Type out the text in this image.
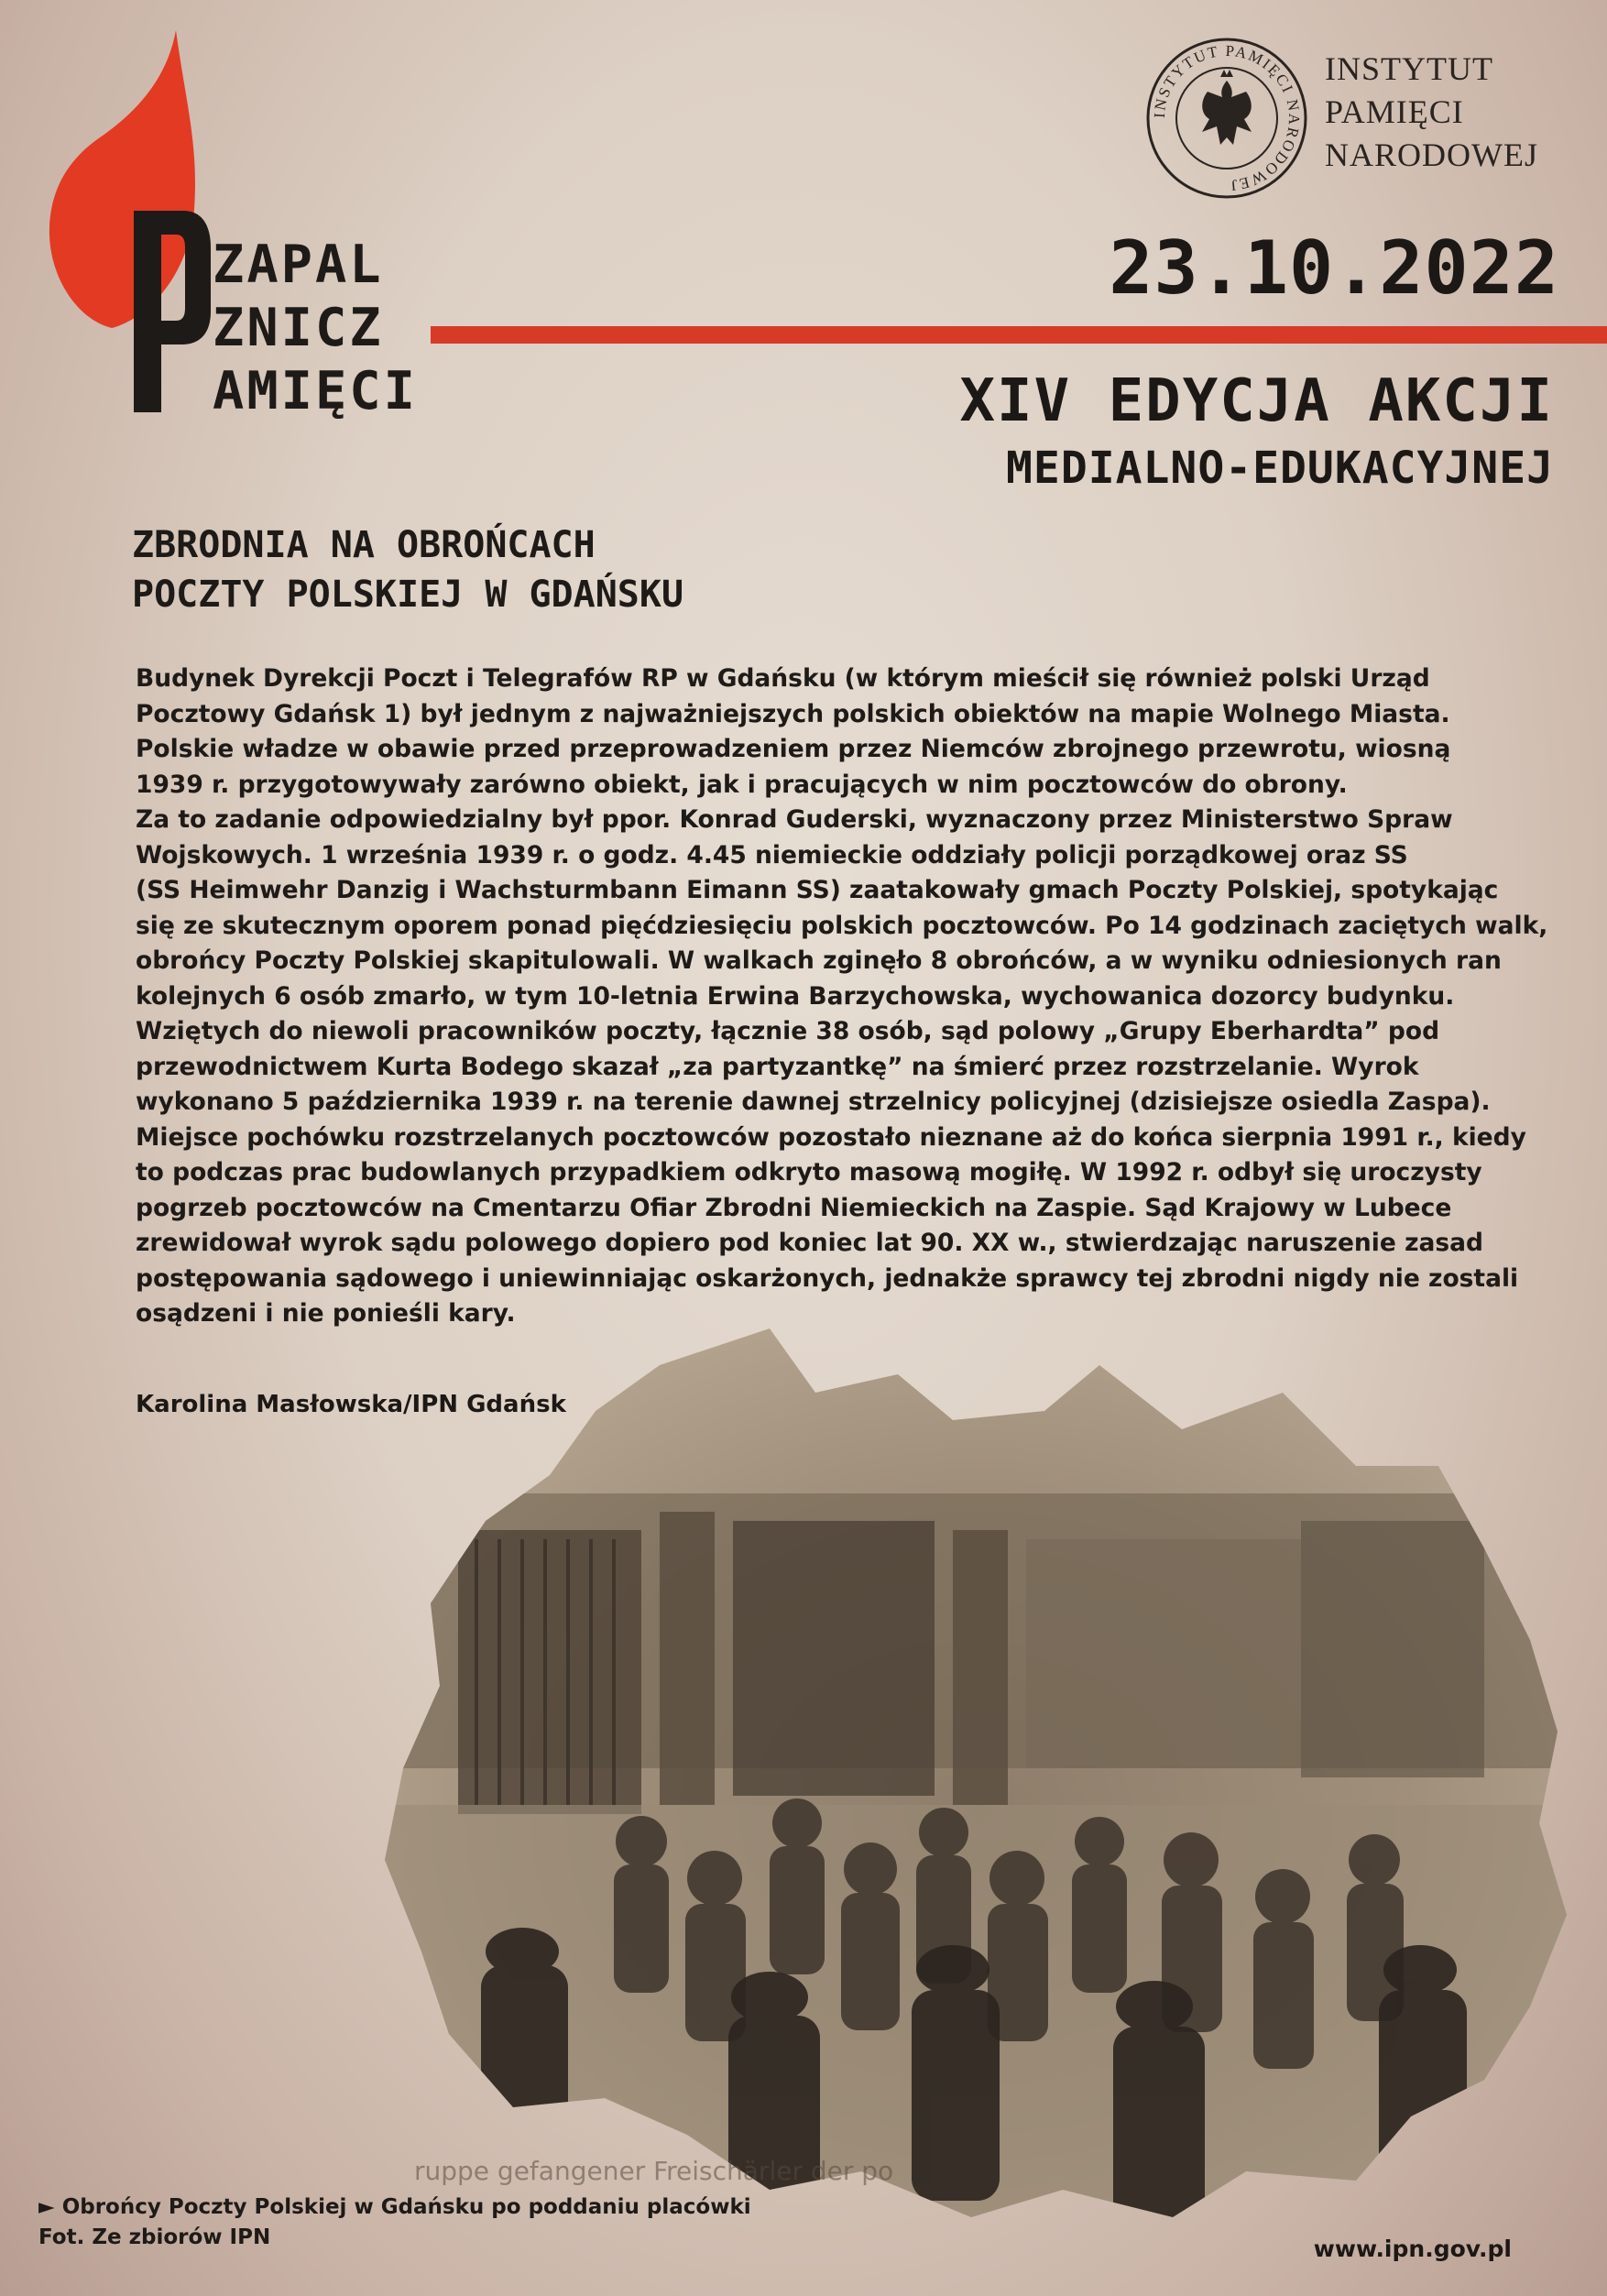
ZAPAL
ZNICZ
AMIĘCI
INSTYTUT PAMIĘCI NARODOWEJ
INSTYTUT
PAMIĘCI
NARODOWEJ
23.10.2022
XIV EDYCJA AKCJI
MEDIALNO-EDUKACYJNEJ
ZBRODNIA NA OBROŃCACH
POCZTY POLSKIEJ W GDAŃSKU
Budynek Dyrekcji Poczt i Telegrafów RP w Gdańsku (w którym mieścił się również polski Urząd
Pocztowy Gdańsk 1) był jednym z najważniejszych polskich obiektów na mapie Wolnego Miasta.
Polskie władze w obawie przed przeprowadzeniem przez Niemców zbrojnego przewrotu, wiosną
1939 r. przygotowywały zarówno obiekt, jak i pracujących w nim pocztowców do obrony.
Za to zadanie odpowiedzialny był ppor. Konrad Guderski, wyznaczony przez Ministerstwo Spraw
Wojskowych. 1 września 1939 r. o godz. 4.45 niemieckie oddziały policji porządkowej oraz SS
(SS Heimwehr Danzig i Wachsturmbann Eimann SS) zaatakowały gmach Poczty Polskiej, spotykając
się ze skutecznym oporem ponad pięćdziesięciu polskich pocztowców. Po 14 godzinach zaciętych walk,
obrońcy Poczty Polskiej skapitulowali. W walkach zginęło 8 obrońców, a w wyniku odniesionych ran
kolejnych 6 osób zmarło, w tym 10-letnia Erwina Barzychowska, wychowanica dozorcy budynku.
Wziętych do niewoli pracowników poczty, łącznie 38 osób, sąd polowy „Grupy Eberhardta” pod
przewodnictwem Kurta Bodego skazał „za partyzantkę” na śmierć przez rozstrzelanie. Wyrok
wykonano 5 października 1939 r. na terenie dawnej strzelnicy policyjnej (dzisiejsze osiedla Zaspa).
Miejsce pochówku rozstrzelanych pocztowców pozostało nieznane aż do końca sierpnia 1991 r., kiedy
to podczas prac budowlanych przypadkiem odkryto masową mogiłę. W 1992 r. odbył się uroczysty
pogrzeb pocztowców na Cmentarzu Ofiar Zbrodni Niemieckich na Zaspie. Sąd Krajowy w Lubece
zrewidował wyrok sądu polowego dopiero pod koniec lat 90. XX w., stwierdzając naruszenie zasad
postępowania sądowego i uniewinniając oskarżonych, jednakże sprawcy tej zbrodni nigdy nie zostali
osądzeni i nie ponieśli kary.
Karolina Masłowska/IPN Gdańsk
ruppe gefangener Freischärler der po
► Obrońcy Poczty Polskiej w Gdańsku po poddaniu placówki
Fot. Ze zbiorów IPN	www.ipn.gov.pl
